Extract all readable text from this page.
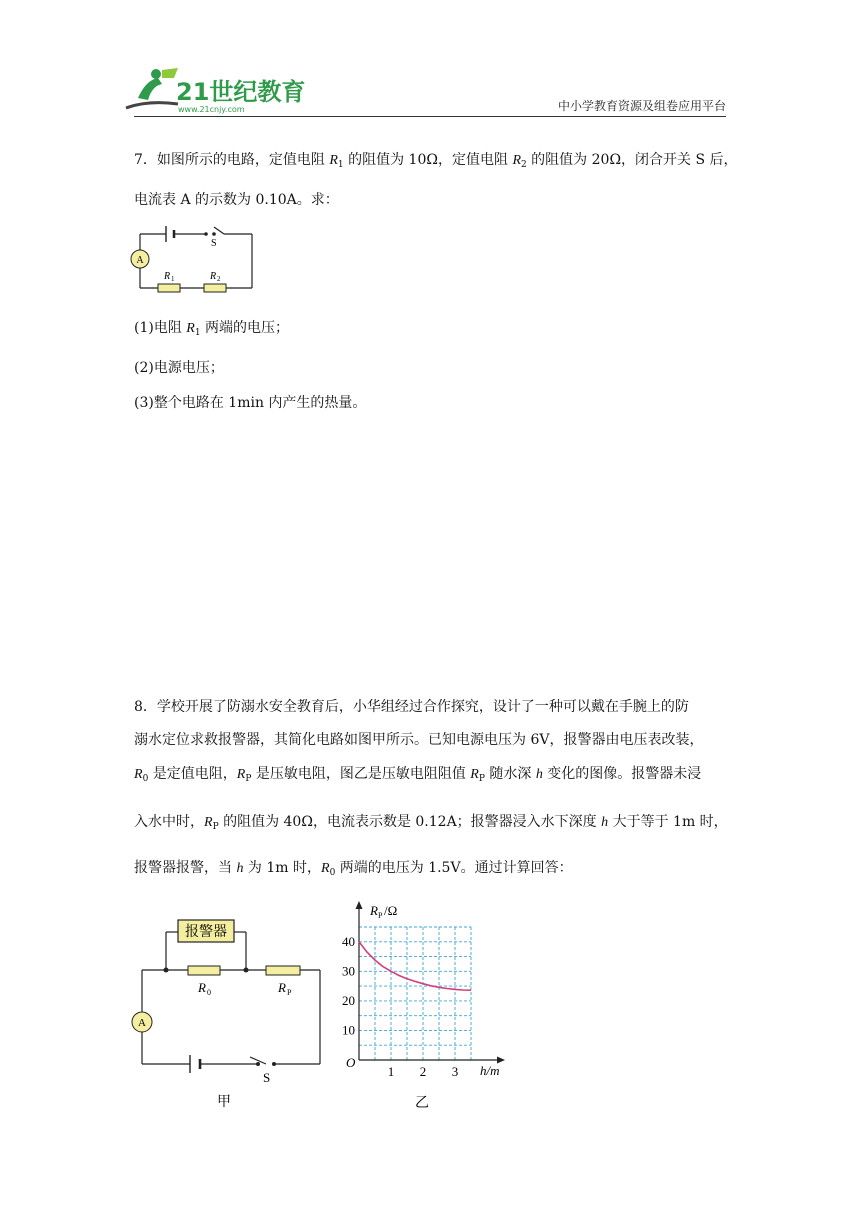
21世纪教育
www.21cnjy.com	中小学教育资源及组卷应用平台
7．如图所示的电路，定值电阻 $R_1$ 的阻值为 10Ω，定值电阻 $R_2$ 的阻值为 20Ω，闭合开关 S 后，
电流表 A 的示数为 0.10A。求：
A
S
R 1	R 2
(1)电阻 $R_1$ 两端的电压；
(2)电源电压；
(3)整个电路在 1min 内产生的热量。
8．学校开展了防溺水安全教育后，小华组经过合作探究，设计了一种可以戴在手腕上的防
溺水定位求救报警器，其简化电路如图甲所示。已知电源电压为 6V，报警器由电压表改装，
$R_0$ 是定值电阻，$R_P$ 是压敏电阻，图乙是压敏电阻阻值 $R_P$ 随水深 h 变化的图像。报警器未浸
入水中时，$R_P$ 的阻值为 40Ω，电流表示数是 0.12A；报警器浸入水下深度 h 大于等于 1m 时，
报警器报警，当 h 为 1m 时，$R_0$ 两端的电压为 1.5V。通过计算回答：
报警器
R 0	R P
A
S
甲
1 2 3
10
20
30
40
R P /Ω
h/m
O
乙
